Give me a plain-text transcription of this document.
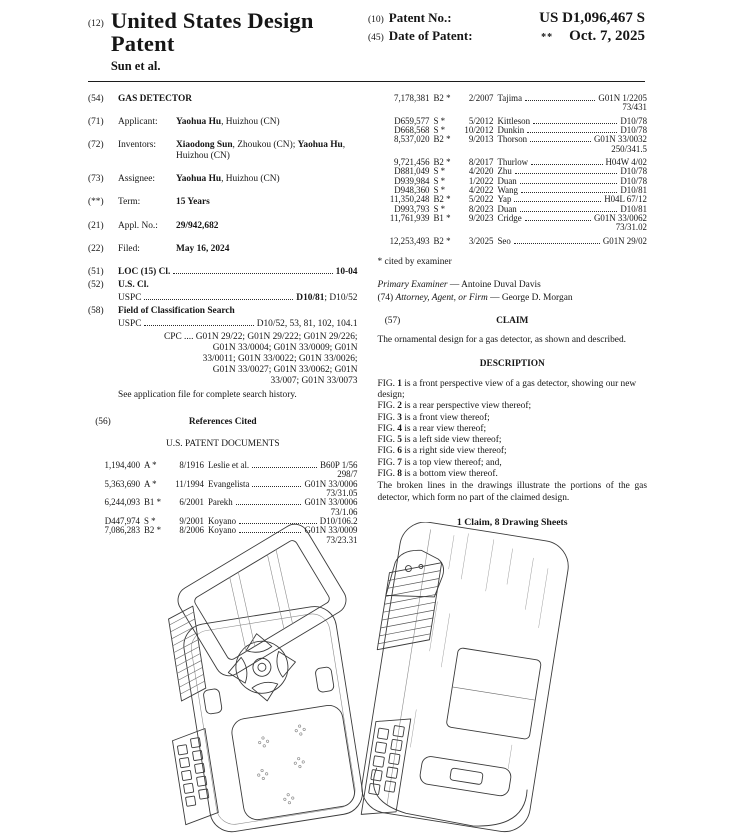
(12) United States Design Patent
Sun et al.
(10) Patent No.:	US D1,096,467 S
(45) Date of Patent:	** Oct. 7, 2025
(54)	GAS DETECTOR
(71)	Applicant:	Yaohua Hu, Huizhou (CN)
(72)	Inventors:	Xiaodong Sun, Zhoukou (CN); Yaohua Hu, Huizhou (CN)
(73)	Assignee:	Yaohua Hu, Huizhou (CN)
(**)	Term:	15 Years
(21)	Appl. No.:	29/942,682
(22)	Filed:	May 16, 2024
(51)	LOC (15) Cl.	10-04
(52)	U.S. Cl.
USPC	D10/81; D10/52
(58)	Field of Classification Search
USPC	D10/52, 53, 81, 102, 104.1
CPC .... G01N 29/22; G01N 29/222; G01N 29/226;
G01N 33/0004; G01N 33/0009; G01N
33/0011; G01N 33/0022; G01N 33/0026;
G01N 33/0027; G01N 33/0062; G01N
33/007; G01N 33/0073
See application file for complete search history.
(56)	References Cited
U.S. PATENT DOCUMENTS
1,194,400 A *	8/1916 Leslie et al.	B60P 1/56
298/7
5,363,690 A *	11/1994 Evangelista	G01N 33/0006
73/31.05
6,244,093 B1 *	6/2001 Parekh	G01N 33/0006
73/1.06
D447,974 S *	9/2001 Koyano	D10/106.2
7,086,283 B2 *	8/2006 Koyano	G01N 33/0009
73/23.31
7,178,381 B2 *	2/2007 Tajima	G01N 1/2205
73/431
D659,577 S *	5/2012 Kittleson	D10/78
D668,568 S *	10/2012 Dunkin	D10/78
8,537,020 B2 *	9/2013 Thorson	G01N 33/0032
250/341.5
9,721,456 B2 *	8/2017 Thurlow	H04W 4/02
D881,049 S *	4/2020 Zhu	D10/78
D939,984 S *	1/2022 Duan	D10/78
D948,360 S *	4/2022 Wang	D10/81
11,350,248 B2 *	5/2022 Yap	H04L 67/12
D993,793 S *	8/2023 Duan	D10/81
11,761,939 B1 *	9/2023 Cridge	G01N 33/0062
73/31.02
12,253,493 B2 *	3/2025 Seo	G01N 29/02
* cited by examiner
Primary Examiner — Antoine Duval Davis
(74) Attorney, Agent, or Firm — George D. Morgan
(57)	CLAIM
The ornamental design for a gas detector, as shown and described.
DESCRIPTION
FIG. 1 is a front perspective view of a gas detector, showing our new design;
FIG. 2 is a rear perspective view thereof;
FIG. 3 is a front view thereof;
FIG. 4 is a rear view thereof;
FIG. 5 is a left side view thereof;
FIG. 6 is a right side view thereof;
FIG. 7 is a top view thereof; and,
FIG. 8 is a bottom view thereof.
The broken lines in the drawings illustrate the portions of the gas detector, which form no part of the claimed design.
1 Claim, 8 Drawing Sheets
